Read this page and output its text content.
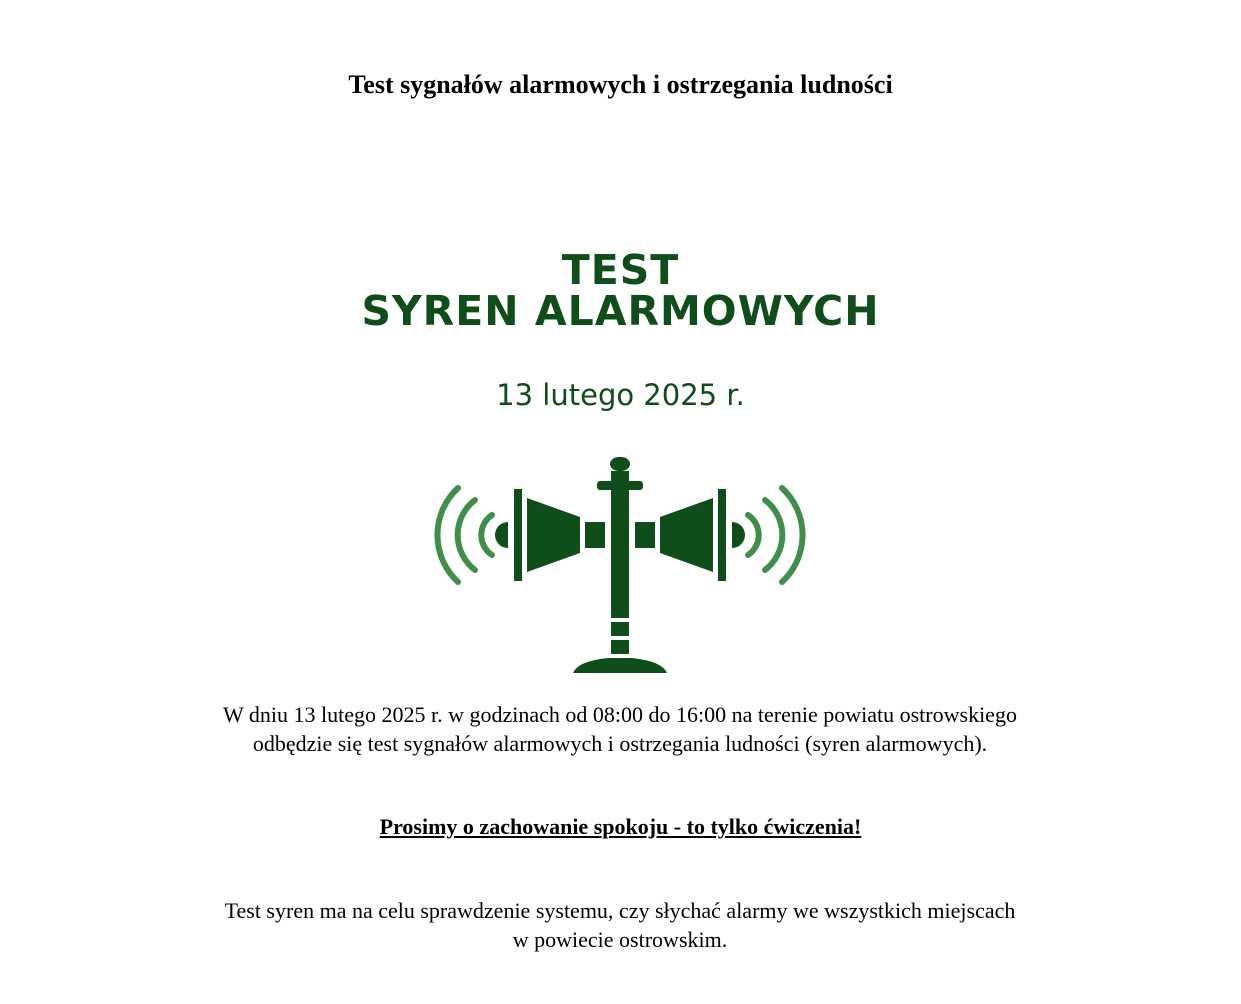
Test sygnałów alarmowych i ostrzegania ludności
TEST
SYREN ALARMOWYCH
13 lutego 2025 r.
W dniu 13 lutego 2025 r. w godzinach od 08:00 do 16:00 na terenie powiatu ostrowskiego
odbędzie się test sygnałów alarmowych i ostrzegania ludności (syren alarmowych).
Prosimy o zachowanie spokoju - to tylko ćwiczenia!
Test syren ma na celu sprawdzenie systemu, czy słychać alarmy we wszystkich miejscach
w powiecie ostrowskim.
